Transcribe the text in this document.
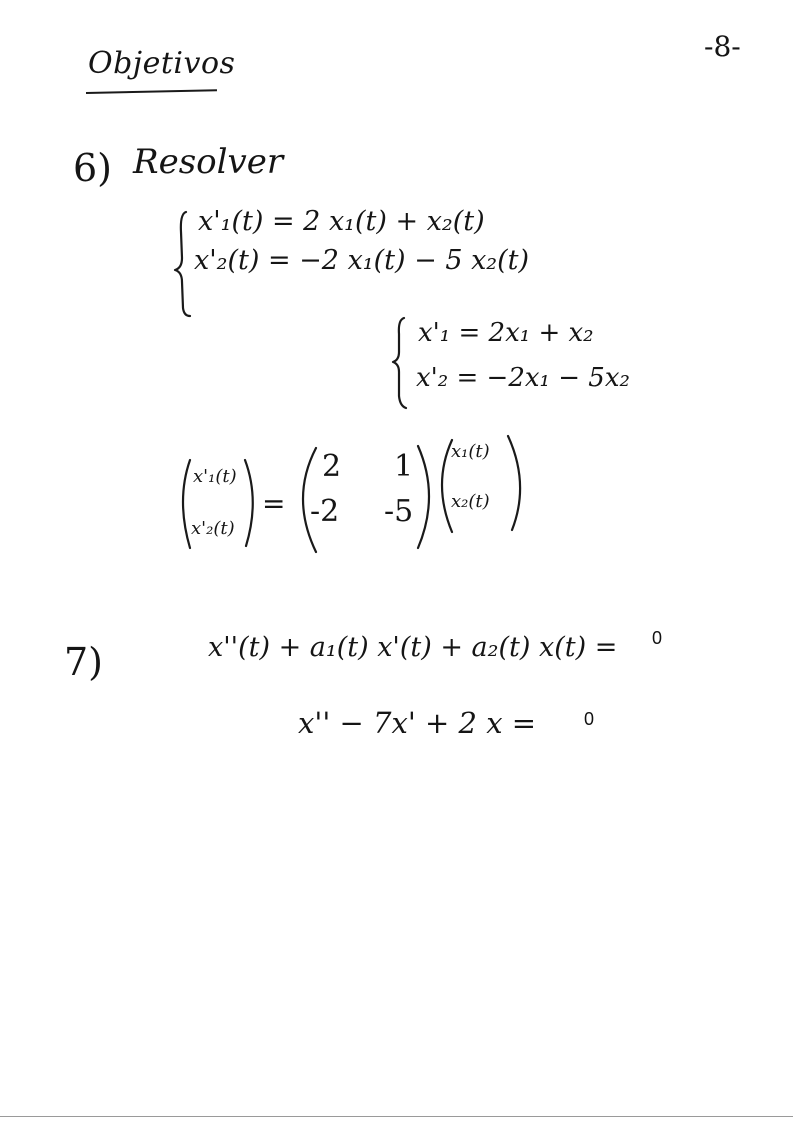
Objetivos	-8-
6) Resolver
x'₁(t) = 2 x₁(t) + x₂(t)
x'₂(t) = −2 x₁(t) − 5 x₂(t)
x'₁ = 2x₁ + x₂
x'₂ = −2x₁ − 5x₂
x'₁(t)
x'₂(t)
=
2 1
-2 -5
x₁(t)
x₂(t)
7)	x''(t) + a₁(t) x'(t) + a₂(t) x(t) = 0
x'' − 7x' + 2 x =	0
